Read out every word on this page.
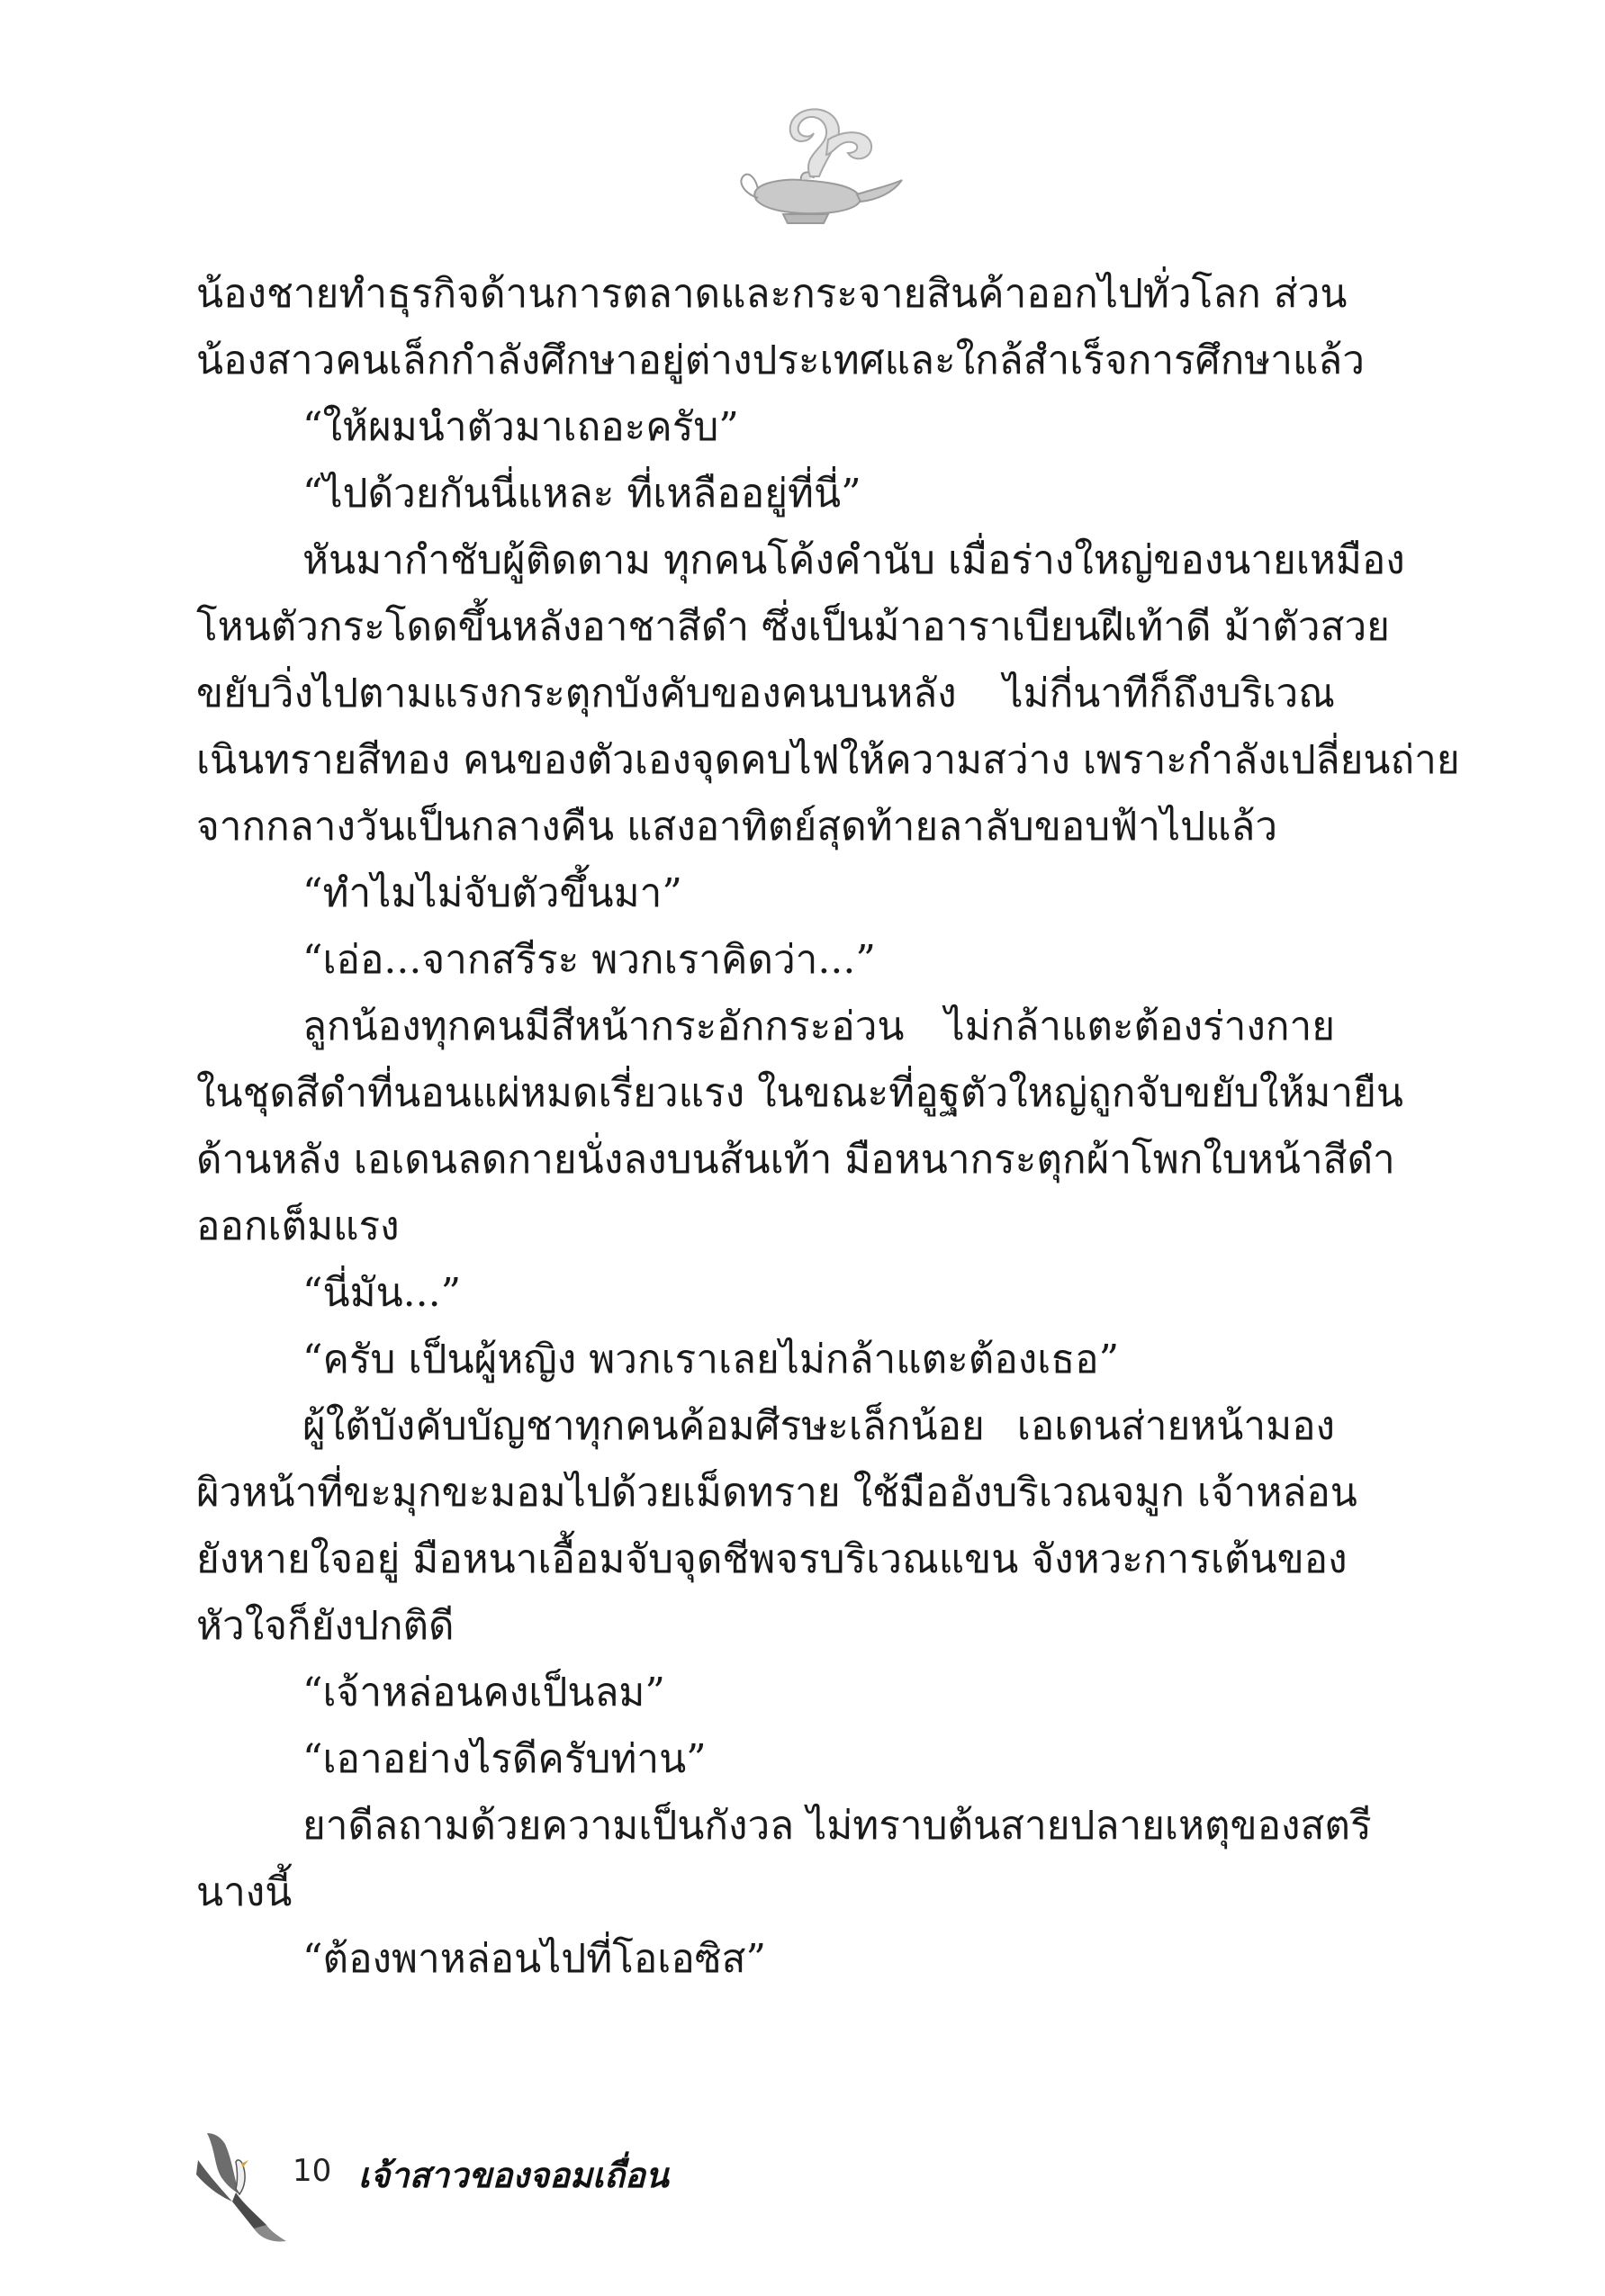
น้องชายทำธุรกิจด้านการตลาดและกระจายสินค้าออกไปทั่วโลก ส่วน
น้องสาวคนเล็กกำลังศึกษาอยู่ต่างประเทศและใกล้สำเร็จการศึกษาแล้ว
“ให้ผมนำตัวมาเถอะครับ”
“ไปด้วยกันนี่แหละ ที่เหลืออยู่ที่นี่”
หันมากำชับผู้ติดตาม ทุกคนโค้งคำนับ เมื่อร่างใหญ่ของนายเหมือง
โหนตัวกระโดดขึ้นหลังอาชาสีดำ ซึ่งเป็นม้าอาราเบียนฝีเท้าดี ม้าตัวสวย
ขยับวิ่งไปตามแรงกระตุกบังคับของคนบนหลัง ไม่กี่นาทีก็ถึงบริเวณ
เนินทรายสีทอง คนของตัวเองจุดคบไฟให้ความสว่าง เพราะกำลังเปลี่ยนถ่าย
จากกลางวันเป็นกลางคืน แสงอาทิตย์สุดท้ายลาลับขอบฟ้าไปแล้ว
“ทำไมไม่จับตัวขึ้นมา”
“เอ่อ...จากสรีระ พวกเราคิดว่า...”
ลูกน้องทุกคนมีสีหน้ากระอักกระอ่วน ไม่กล้าแตะต้องร่างกาย
ในชุดสีดำที่นอนแผ่หมดเรี่ยวแรง ในขณะที่อูฐตัวใหญ่ถูกจับขยับให้มายืน
ด้านหลัง เอเดนลดกายนั่งลงบนส้นเท้า มือหนากระตุกผ้าโพกใบหน้าสีดำ
ออกเต็มแรง
“นี่มัน...”
“ครับ เป็นผู้หญิง พวกเราเลยไม่กล้าแตะต้องเธอ”
ผู้ใต้บังคับบัญชาทุกคนค้อมศีรษะเล็กน้อย เอเดนส่ายหน้ามอง
ผิวหน้าที่ขะมุกขะมอมไปด้วยเม็ดทราย ใช้มืออังบริเวณจมูก เจ้าหล่อน
ยังหายใจอยู่ มือหนาเอื้อมจับจุดชีพจรบริเวณแขน จังหวะการเต้นของ
หัวใจก็ยังปกติดี
“เจ้าหล่อนคงเป็นลม”
“เอาอย่างไรดีครับท่าน”
ยาดีลถามด้วยความเป็นกังวล ไม่ทราบต้นสายปลายเหตุของสตรี
นางนี้
“ต้องพาหล่อนไปที่โอเอซิส”
10 เจ้าสาวของจอมเถื่อน
